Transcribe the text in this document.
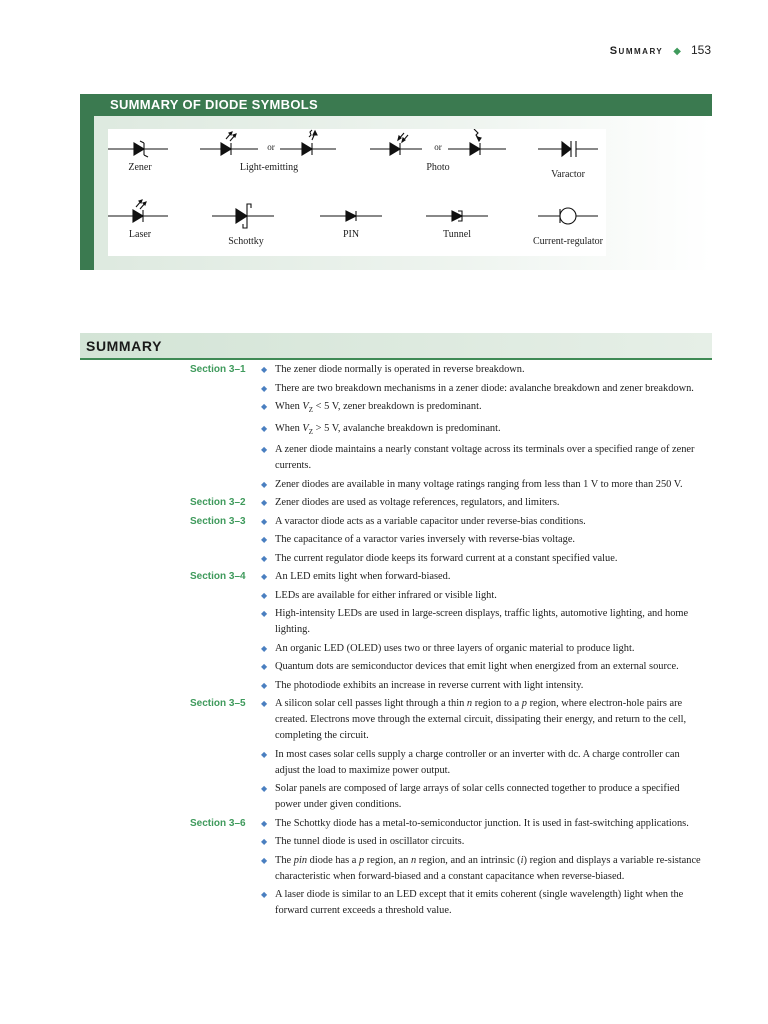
Summary ◆ 153
SUMMARY OF DIODE SYMBOLS
or	or
Zener	Light-emitting	Photo
Varactor
Laser
Schottky
PIN	Tunnel
Current-regulator
SUMMARY
Section 3–1	◆ The zener diode normally is operated in reverse breakdown.
◆ There are two breakdown mechanisms in a zener diode: avalanche breakdown and zener breakdown.
◆ When $V_Z < 5$ V, zener breakdown is predominant.
◆ When $V_Z > 5$ V, avalanche breakdown is predominant.
◆ A zener diode maintains a nearly constant voltage across its terminals over a specified range of zener currents.
◆ Zener diodes are available in many voltage ratings ranging from less than 1 V to more than 250 V.
Section 3–2	◆ Zener diodes are used as voltage references, regulators, and limiters.
Section 3–3	◆ A varactor diode acts as a variable capacitor under reverse-bias conditions.
◆ The capacitance of a varactor varies inversely with reverse-bias voltage.
◆ The current regulator diode keeps its forward current at a constant specified value.
Section 3–4	◆ An LED emits light when forward-biased.
◆ LEDs are available for either infrared or visible light.
◆ High-intensity LEDs are used in large-screen displays, traffic lights, automotive lighting, and home lighting.
◆ An organic LED (OLED) uses two or three layers of organic material to produce light.
◆ Quantum dots are semiconductor devices that emit light when energized from an external source.
◆ The photodiode exhibits an increase in reverse current with light intensity.
Section 3–5	◆ A silicon solar cell passes light through a thin n region to a p region, where electron-hole pairs are created. Electrons move through the external circuit, dissipating their energy, and return to the cell, completing the circuit.
◆ In most cases solar cells supply a charge controller or an inverter with dc. A charge controller can adjust the load to maximize power output.
◆ Solar panels are composed of large arrays of solar cells connected together to produce a specified power under given conditions.
Section 3–6	◆ The Schottky diode has a metal-to-semiconductor junction. It is used in fast-switching applications.
◆ The tunnel diode is used in oscillator circuits.
◆ The pin diode has a p region, an n region, and an intrinsic (i) region and displays a variable re-sistance characteristic when forward-biased and a constant capacitance when reverse-biased.
◆ A laser diode is similar to an LED except that it emits coherent (single wavelength) light when the forward current exceeds a threshold value.
